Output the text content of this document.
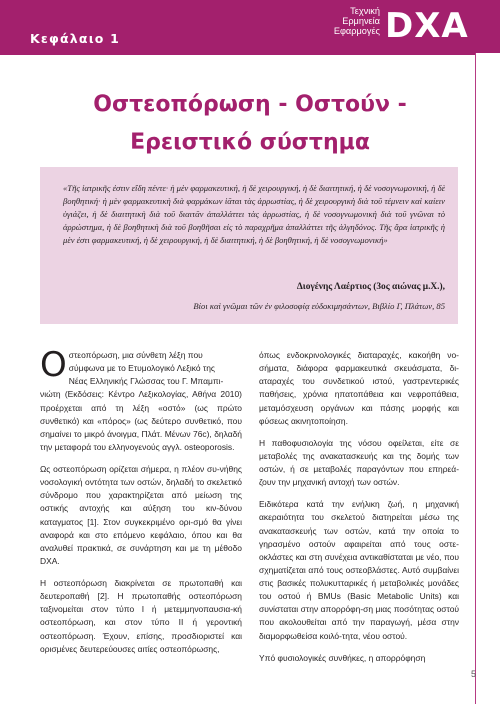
Κεφάλαιο 1
Τεχνική
Ερμηνεία
Εφαρμογές DXA
Οστεοπόρωση - Οστούν -
Ερειστικό σύστημα
«Τῆς ἰατρικῆς ἐστιν εἴδη πέντε· ἡ μὲν φαρμακευτική, ἡ δὲ χειρουργική, ἡ δὲ διαιτητική, ἡ δὲ νοσογνωμονική, ἡ δὲ βοηθητική· ἡ μὲν φαρμακευτικὴ διὰ φαρμάκων ἰᾶται τὰς ἀρρωστίας, ἡ δὲ χειρουργικὴ διὰ τοῦ τέμνειν καὶ καίειν ὑγιάζει, ἡ δὲ διαιτητικὴ διὰ τοῦ διαιτᾶν ἀπαλλάττει τὰς ἀρρωστίας, ἡ δὲ νοσογνωμονικὴ διὰ τοῦ γνῶναι τὸ ἀρρώστημα, ἡ δὲ βοηθητικὴ διὰ τοῦ βοηθῆσαι εἰς τὸ παραχρῆμα ἀπαλλάττει τῆς ἀλγηδόνος. Τῆς ἄρα ἰατρικῆς ἡ μὲν ἐστι φαρμακευτική, ἡ δὲ χειρουργική, ἡ δὲ διαιτητική, ἡ δὲ βοηθητική, ἡ δὲ νοσογνωμονική»
Διογένης Λαέρτιος (3ος αιώνας μ.Χ.),
Βίοι καὶ γνῶμαι τῶν ἐν φιλοσοφίᾳ εὐδοκιμησάντων, Βιβλίο Γ, Πλάτων, 85

Ο στεοπόρωση, μια σύνθετη λέξη που
σύμφωνα με το Ετυμολογικό Λεξικό της
Νέας Ελληνικής Γλώσσας του Γ. Μπαμπι-
νιώτη (Εκδόσεις: Κέντρο Λεξικολογίας, Αθήνα 2010) προέρχεται από τη λέξη «οστό» (ως πρώτο συνθετικό) και «πόρος» (ως δεύτερο συνθετικό, που σημαίνει το μικρό άνοιγμα, Πλάτ. Μένων 76c), δηλαδή την μεταφορά του ελληνογενούς αγγλ. osteoporosis.

Ως οστεοπόρωση ορίζεται σήμερα, η πλέον συ-νήθης νοσολογική οντότητα των οστών, δηλαδή το σκελετικό σύνδρομο που χαρακτηρίζεται από μείωση της οστικής αντοχής και αύξηση του κιν-δύνου καταγματος [1]. Στον συγκεκριμένο ορι-σμό θα γίνει αναφορά και στο επόμενο κεφάλαιο, όπου και θα αναλυθεί πρακτικά, σε συνάρτηση και με τη μέθοδο DXA.

Η οστεοπόρωση διακρίνεται σε πρωτοπαθή και δευτεροπαθή [2]. Η πρωτοπαθής οστεοπόρωση ταξινομείται στον τύπο Ι ή μετεμμηνοπαυσια-κή οστεοπόρωση, και στον τύπο ΙΙ ή γεροντική οστεοπόρωση. Έχουν, επίσης, προσδιοριστεί και ορισμένες δευτερεύουσες αιτίες οστεοπόρωσης,

όπως ενδοκρινολογικές διαταραχές, κακοήθη νο-σήματα, διάφορα φαρμακευτικά σκευάσματα, δι-αταραχές του συνδετικού ιστού, γαστρεντερικές παθήσεις, χρόνια ηπατοπάθεια και νεφροπάθεια, μεταμόσχευση οργάνων και πάσης μορφής και φύσεως ακινητοποίηση.

Η παθοφυσιολογία της νόσου οφείλεται, είτε σε μεταβολές της ανακατασκευής και της δομής των οστών, ή σε μεταβολές παραγόντων που επηρεά-ζουν την μηχανική αντοχή των οστών.

Ειδικότερα κατά την ενήλικη ζωή, η μηχανική ακεραιότητα του σκελετού διατηρείται μέσω της ανακατασκευής των οστών, κατά την οποία το γηρασμένο οστούν αφαιρείται από τους οστε-οκλάστες και στη συνέχεια αντικαθίσταται με νέο, που σχηματίζεται από τους οστεοβλάστες. Αυτό συμβαίνει στις βασικές πολυκυτταρικές ή μεταβολικές μονάδες του οστού ή BMUs (Basic Metabolic Units) και συνίσταται στην απορρόφη-ση μιας ποσότητας οστού που ακολουθείται από την παραγωγή, μέσα στην διαμορφωθείσα κοιλό-τητα, νέου οστού.

Υπό φυσιολογικές συνθήκες, η απορρόφηση

5
